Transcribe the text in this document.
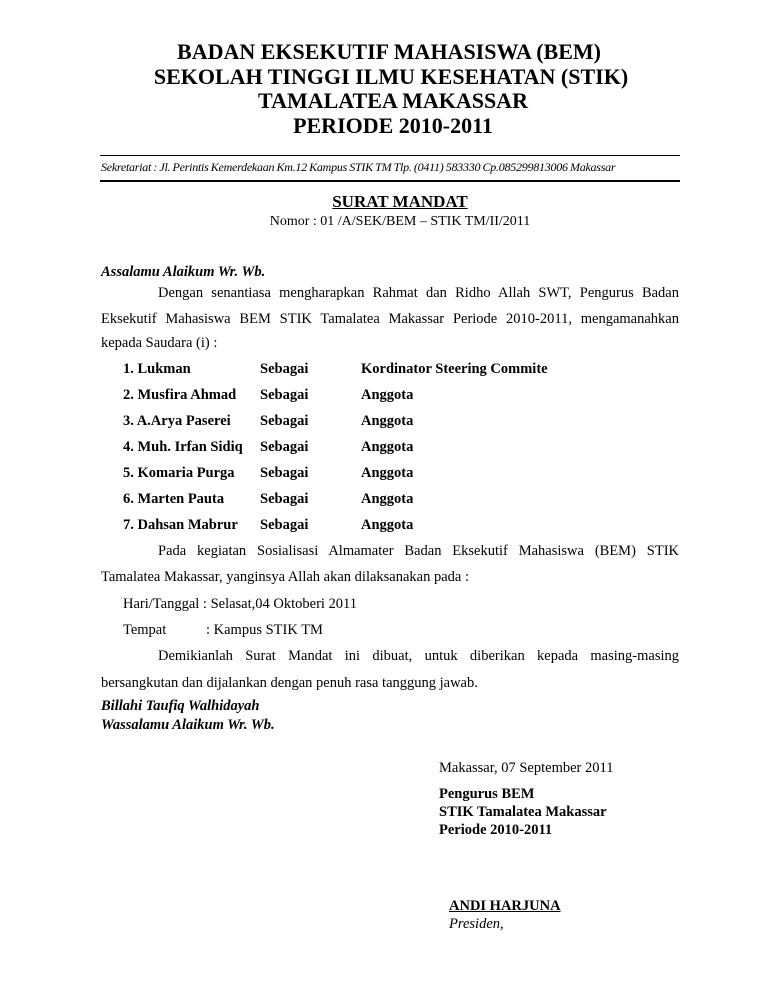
BADAN EKSEKUTIF MAHASISWA (BEM)
SEKOLAH TINGGI ILMU KESEHATAN (STIK)
TAMALATEA MAKASSAR
PERIODE 2010-2011
Sekretariat : Jl. Perintis Kemerdekaan Km.12 Kampus STIK TM Tlp. (0411) 583330 Cp.085299813006 Makassar
SURAT MANDAT
Nomor : 01 /A/SEK/BEM – STIK TM/II/2011
Assalamu Alaikum Wr. Wb.
Dengan senantiasa mengharapkan Rahmat dan Ridho Allah SWT, Pengurus Badan
Eksekutif Mahasiswa BEM STIK Tamalatea Makassar Periode 2010-2011, mengamanahkan
kepada Saudara (i) :
1. Lukman	Sebagai	Kordinator Steering Commite
2. Musfira Ahmad Sebagai	Anggota
3. A.Arya Paserei Sebagai	Anggota
4. Muh. Irfan Sidiq Sebagai	Anggota
5. Komaria Purga Sebagai	Anggota
6. Marten Pauta Sebagai	Anggota
7. Dahsan Mabrur Sebagai	Anggota
Pada kegiatan Sosialisasi Almamater Badan Eksekutif Mahasiswa (BEM) STIK
Tamalatea Makassar, yanginsya Allah akan dilaksanakan pada :
Hari/Tanggal : Selasat,04 Oktoberi 2011
Tempat	: Kampus STIK TM
Demikianlah Surat Mandat ini dibuat, untuk diberikan kepada masing-masing
bersangkutan dan dijalankan dengan penuh rasa tanggung jawab.
Billahi Taufiq Walhidayah
Wassalamu Alaikum Wr. Wb.
Makassar, 07 September 2011
Pengurus BEM
STIK Tamalatea Makassar
Periode 2010-2011
ANDI HARJUNA
Presiden,
